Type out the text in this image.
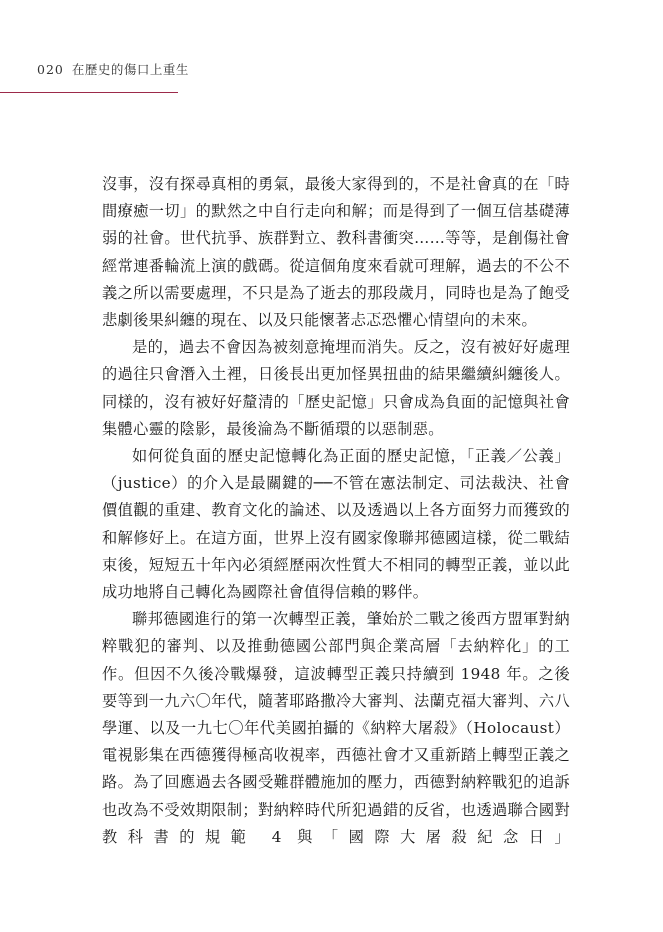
020 在歷史的傷口上重生

沒事，沒有探尋真相的勇氣，最後大家得到的，不是社會真的在「時間療癒一切」的默然之中自行走向和解；而是得到了一個互信基礎薄弱的社會。世代抗爭、族群對立、教科書衝突……等等，是創傷社會經常連番輪流上演的戲碼。從這個角度來看就可理解，過去的不公不義之所以需要處理，不只是為了逝去的那段歲月，同時也是為了飽受悲劇後果糾纏的現在、以及只能懷著忐忑恐懼心情望向的未來。

是的，過去不會因為被刻意掩埋而消失。反之，沒有被好好處理的過往只會潛入土裡，日後長出更加怪異扭曲的結果繼續糾纏後人。同樣的，沒有被好好釐清的「歷史記憶」只會成為負面的記憶與社會集體心靈的陰影，最後淪為不斷循環的以惡制惡。

如何從負面的歷史記憶轉化為正面的歷史記憶，「正義／公義」（justice）的介入是最關鍵的──不管在憲法制定、司法裁決、社會價值觀的重建、教育文化的論述、以及透過以上各方面努力而獲致的和解修好上。在這方面，世界上沒有國家像聯邦德國這樣，從二戰結束後，短短五十年內必須經歷兩次性質大不相同的轉型正義，並以此成功地將自己轉化為國際社會值得信賴的夥伴。

聯邦德國進行的第一次轉型正義，肇始於二戰之後西方盟軍對納粹戰犯的審判、以及推動德國公部門與企業高層「去納粹化」的工作。但因不久後冷戰爆發，這波轉型正義只持續到 1948 年。之後要等到一九六〇年代，隨著耶路撒冷大審判、法蘭克福大審判、六八學運、以及一九七〇年代美國拍攝的《納粹大屠殺》（Holocaust）電視影集在西德獲得極高收視率，西德社會才又重新踏上轉型正義之路。為了回應過去各國受難群體施加的壓力，西德對納粹戰犯的追訴也改為不受效期限制；對納粹時代所犯過錯的反省，也透過聯合國對教科書的規範 4 與「國際大屠殺紀念日」
